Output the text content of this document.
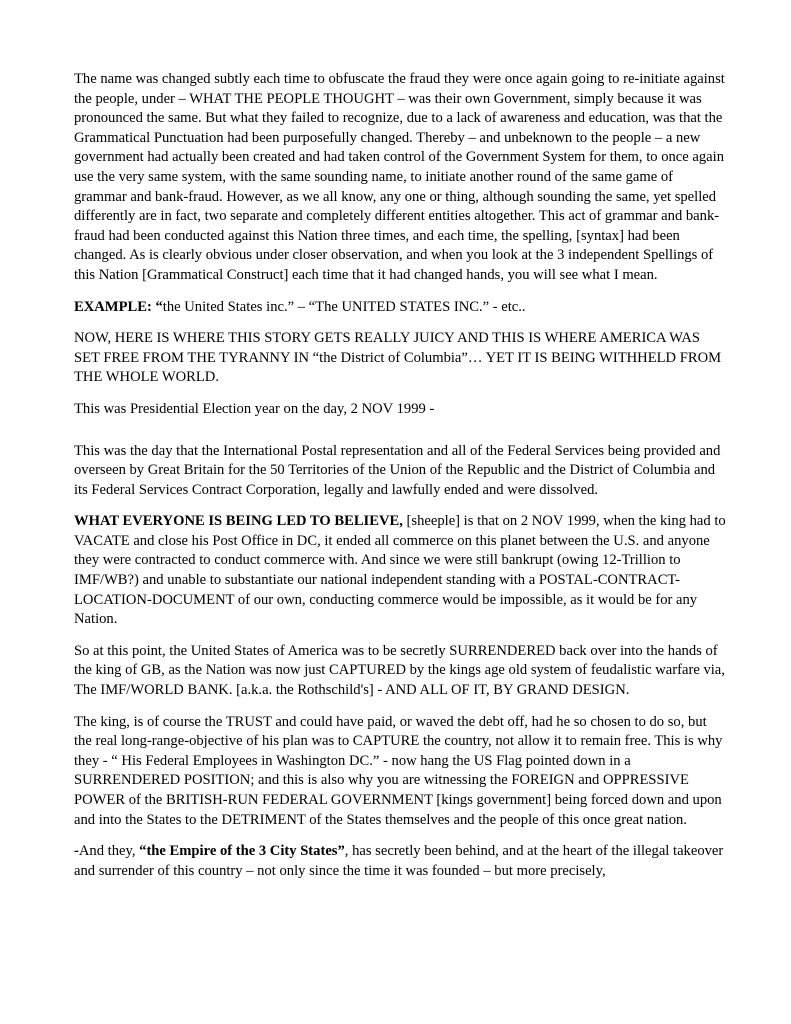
The name was changed subtly each time to obfuscate the fraud they were once again going to re-initiate against the people, under – WHAT THE PEOPLE THOUGHT – was their own Government, simply because it was pronounced the same. But what they failed to recognize, due to a lack of awareness and education, was that the Grammatical Punctuation had been purposefully changed. Thereby – and unbeknown to the people – a new government had actually been created and had taken control of the Government System for them, to once again use the very same system, with the same sounding name, to initiate another round of the same game of grammar and bank-fraud. However, as we all know, any one or thing, although sounding the same, yet spelled differently are in fact, two separate and completely different entities altogether. This act of grammar and bank-fraud had been conducted against this Nation three times, and each time, the spelling, [syntax] had been changed. As is clearly obvious under closer observation, and when you look at the 3 independent Spellings of this Nation [Grammatical Construct] each time that it had changed hands, you will see what I mean.

EXAMPLE: “the United States inc.” – “The UNITED STATES INC.” - etc..

NOW, HERE IS WHERE THIS STORY GETS REALLY JUICY AND THIS IS WHERE AMERICA WAS SET FREE FROM THE TYRANNY IN “the District of Columbia”… YET IT IS BEING WITHHELD FROM THE WHOLE WORLD.

This was Presidential Election year on the day, 2 NOV 1999 -

This was the day that the International Postal representation and all of the Federal Services being provided and overseen by Great Britain for the 50 Territories of the Union of the Republic and the District of Columbia and its Federal Services Contract Corporation, legally and lawfully ended and were dissolved.

WHAT EVERYONE IS BEING LED TO BELIEVE, [sheeple] is that on 2 NOV 1999, when the king had to VACATE and close his Post Office in DC, it ended all commerce on this planet between the U.S. and anyone they were contracted to conduct commerce with. And since we were still bankrupt (owing 12-Trillion to IMF/WB?) and unable to substantiate our national independent standing with a POSTAL-CONTRACT-LOCATION-DOCUMENT of our own, conducting commerce would be impossible, as it would be for any Nation.

So at this point, the United States of America was to be secretly SURRENDERED back over into the hands of the king of GB, as the Nation was now just CAPTURED by the kings age old system of feudalistic warfare via, The IMF/WORLD BANK. [a.k.a. the Rothschild's] - AND ALL OF IT, BY GRAND DESIGN.

The king, is of course the TRUST and could have paid, or waved the debt off, had he so chosen to do so, but the real long-range-objective of his plan was to CAPTURE the country, not allow it to remain free. This is why they - “ His Federal Employees in Washington DC.” - now hang the US Flag pointed down in a SURRENDERED POSITION; and this is also why you are witnessing the FOREIGN and OPPRESSIVE POWER of the BRITISH-RUN FEDERAL GOVERNMENT [kings government] being forced down and upon and into the States to the DETRIMENT of the States themselves and the people of this once great nation.

-And they, “the Empire of the 3 City States”, has secretly been behind, and at the heart of the illegal takeover and surrender of this country – not only since the time it was founded – but more precisely,
